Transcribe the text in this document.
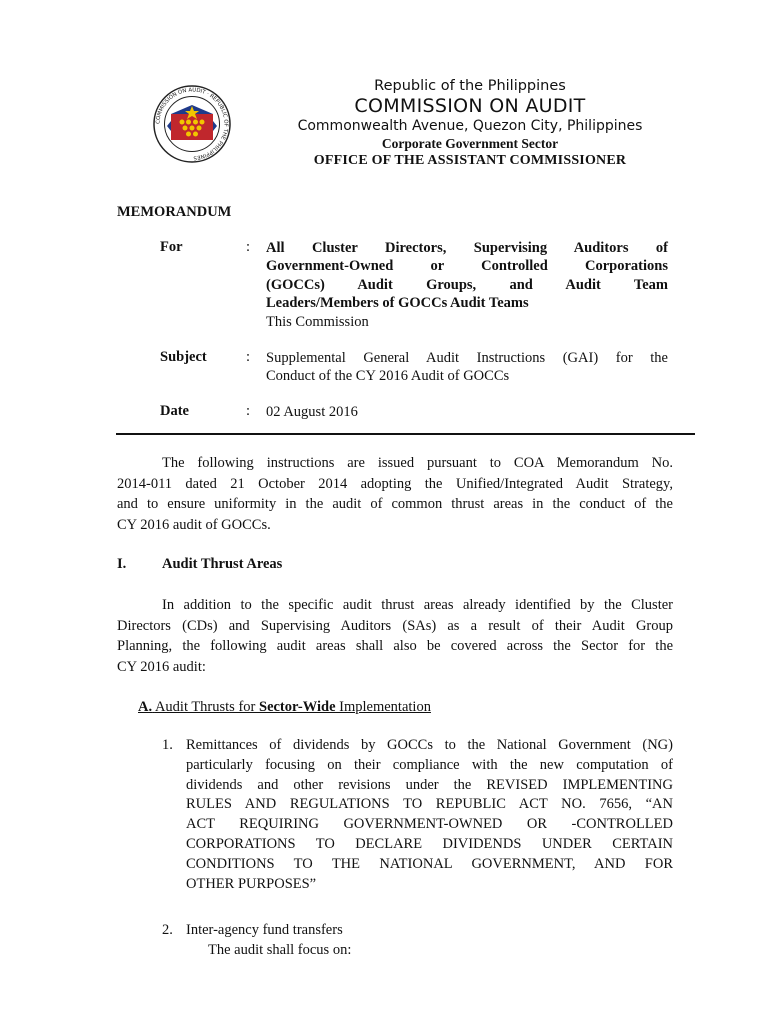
COMMISSION ON AUDIT · REPUBLIC OF THE PHILIPPINES
Republic of the Philippines
COMMISSION ON AUDIT
Commonwealth Avenue, Quezon City, Philippines
Corporate Government Sector
OFFICE OF THE ASSISTANT COMMISSIONER
MEMORANDUM
For	: All Cluster Directors, Supervising Auditors of
Government-Owned or Controlled Corporations
(GOCCs) Audit Groups, and Audit Team
Leaders/Members of GOCCs Audit Teams
This Commission
Subject	: Supplemental General Audit Instructions (GAI) for the
Conduct of the CY 2016 Audit of GOCCs
Date	: 02 August 2016
The following instructions are issued pursuant to COA Memorandum No.
2014-011 dated 21 October 2014 adopting the Unified/Integrated Audit Strategy,
and to ensure uniformity in the audit of common thrust areas in the conduct of the
CY 2016 audit of GOCCs.
I. Audit Thrust Areas
In addition to the specific audit thrust areas already identified by the Cluster
Directors (CDs) and Supervising Auditors (SAs) as a result of their Audit Group
Planning, the following audit areas shall also be covered across the Sector for the
CY 2016 audit:
A. Audit Thrusts for Sector-Wide Implementation
1. Remittances of dividends by GOCCs to the National Government (NG)
particularly focusing on their compliance with the new computation of
dividends and other revisions under the REVISED IMPLEMENTING
RULES AND REGULATIONS TO REPUBLIC ACT NO. 7656, “AN
ACT REQUIRING GOVERNMENT-OWNED OR -CONTROLLED
CORPORATIONS TO DECLARE DIVIDENDS UNDER CERTAIN
CONDITIONS TO THE NATIONAL GOVERNMENT, AND FOR
OTHER PURPOSES”
2. Inter-agency fund transfers
The audit shall focus on:
